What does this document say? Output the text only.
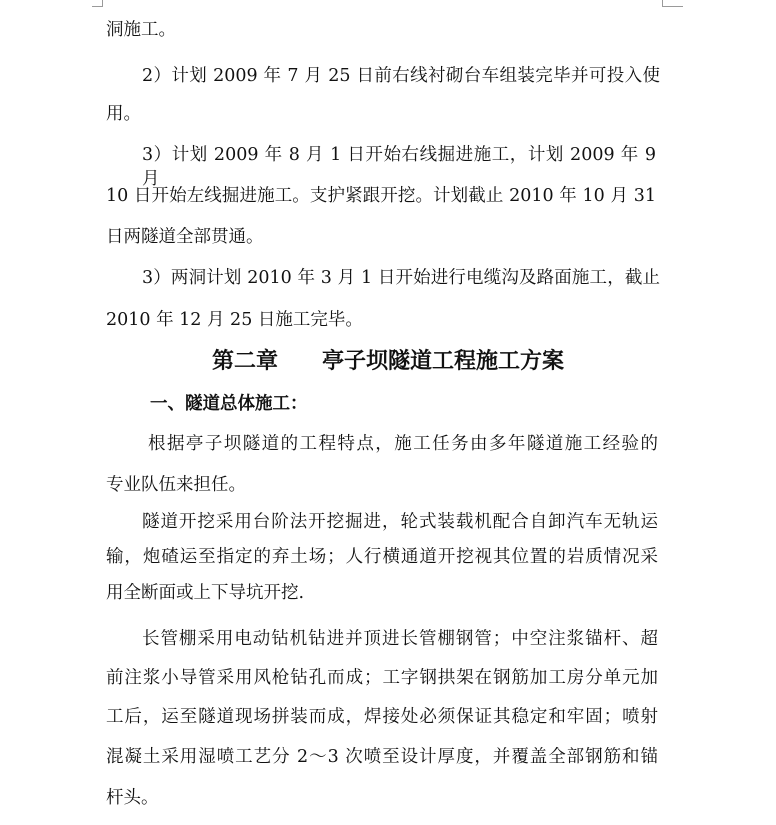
洞施工。
2）计划 2009 年 7 月 25 日前右线衬砌台车组装完毕并可投入使
用。
3）计划 2009 年 8 月 1 日开始右线掘进施工，计划 2009 年 9 月
10 日开始左线掘进施工。支护紧跟开挖。计划截止 2010 年 10 月 31
日两隧道全部贯通。
3）两洞计划 2010 年 3 月 1 日开始进行电缆沟及路面施工，截止
2010 年 12 月 25 日施工完毕。
第二章 亭子坝隧道工程施工方案
一、隧道总体施工：
根据亭子坝隧道的工程特点，施工任务由多年隧道施工经验的
专业队伍来担任。
隧道开挖采用台阶法开挖掘进，轮式装载机配合自卸汽车无轨运
输，炮碴运至指定的弃土场；人行横通道开挖视其位置的岩质情况采
用全断面或上下导坑开挖.
长管棚采用电动钻机钻进并顶进长管棚钢管；中空注浆锚杆、超
前注浆小导管采用风枪钻孔而成；工字钢拱架在钢筋加工房分单元加
工后，运至隧道现场拼装而成，焊接处必须保证其稳定和牢固；喷射
混凝土采用湿喷工艺分 2～3 次喷至设计厚度，并覆盖全部钢筋和锚
杆头。
